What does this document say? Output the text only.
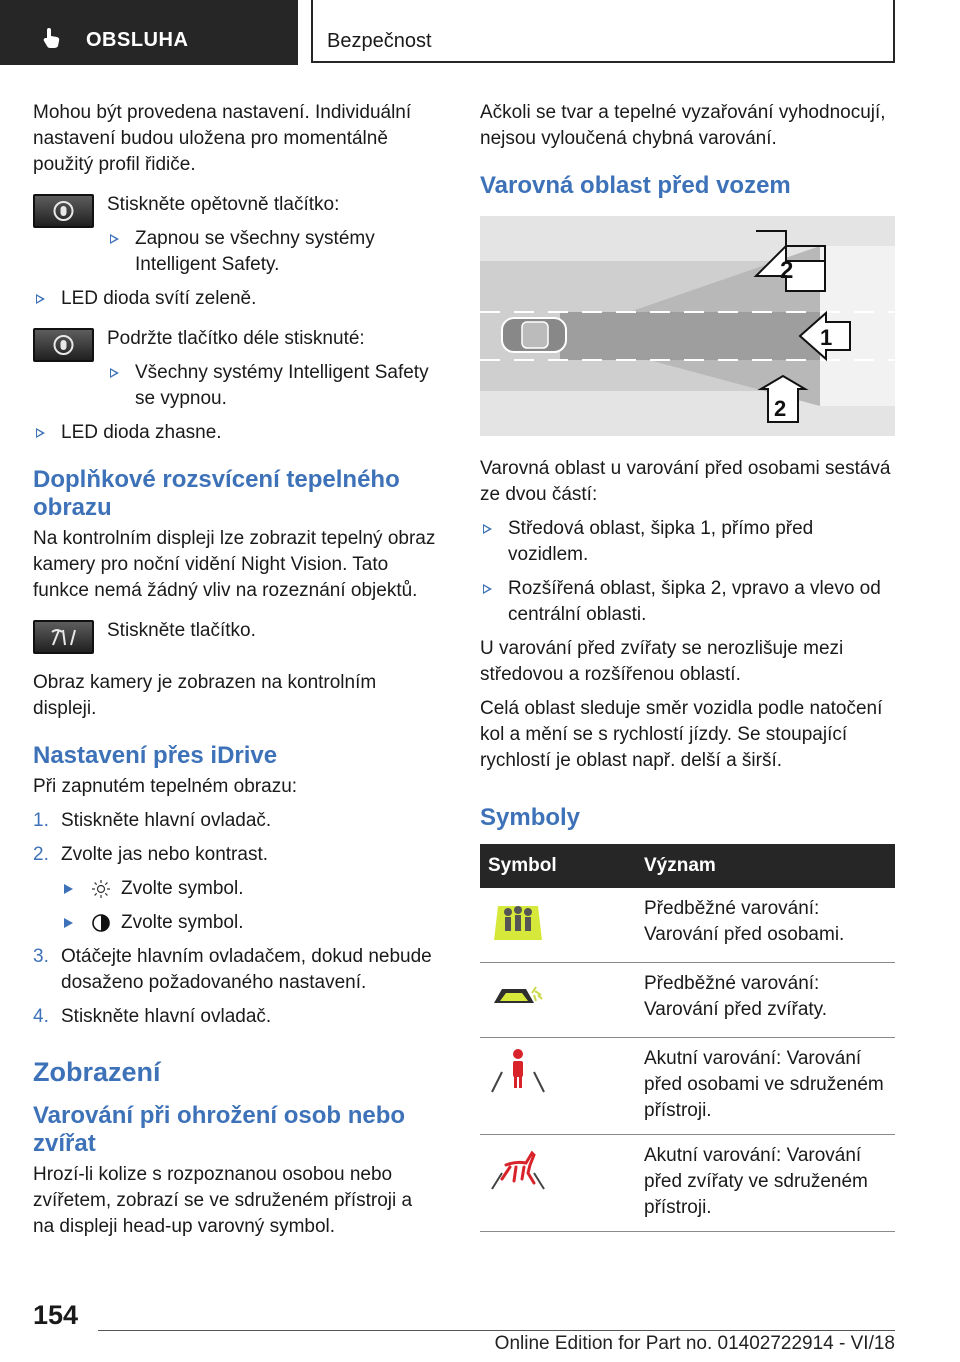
OBSLUHA	Bezpečnost

Mohou být provedena nastavení. Individuální nastavení budou uložena pro momentálně použitý profil řidiče.

Stiskněte opětovně tlačítko:

Zapnou se všechny systémy Intelligent Safety.
LED dioda svítí zeleně.

Podržte tlačítko déle stisknuté:

Všechny systémy Intelligent Safety se vypnou.
LED dioda zhasne.
Doplňkové rozsvícení tepelného obrazu

Na kontrolním displeji lze zobrazit tepelný obraz kamery pro noční vidění Night Vision. Tato funkce nemá žádný vliv na rozeznání objektů.

Stiskněte tlačítko.

Obraz kamery je zobrazen na kontrolním displeji.

Nastavení přes iDrive

Při zapnutém tepelném obrazu:

1. Stiskněte hlavní ovladač.
2. Zvolte jas nebo kontrast.
Zvolte symbol.
Zvolte symbol.
3. Otáčejte hlavním ovladačem, dokud nebude dosaženo požadovaného nastavení.
4. Stiskněte hlavní ovladač.
Zobrazení
Varování při ohrožení osob nebo zvířat

Hrozí-li kolize s rozpoznanou osobou nebo zvířetem, zobrazí se ve sdruženém přístroji a na displeji head-up varovný symbol.

Ačkoli se tvar a tepelné vyzařování vyhodnocují, nejsou vyloučená chybná varování.

Varovná oblast před vozem
2
1
2

Varovná oblast u varování před osobami sestává ze dvou částí:

Středová oblast, šipka 1, přímo před vozidlem.
Rozšířená oblast, šipka 2, vpravo a vlevo od centrální oblasti.

U varování před zvířaty se nerozlišuje mezi středovou a rozšířenou oblastí.

Celá oblast sleduje směr vozidla podle natočení kol a mění se s rychlostí jízdy. Se stoupající rychlostí je oblast např. delší a širší.

Symboly
Symbol	Význam
	Předběžné varování: Varování před osobami.
	Předběžné varování: Varování před zvířaty.
	Akutní varování: Varování před osobami ve sdruženém přístroji.
	Akutní varování: Varování před zvířaty ve sdruženém přístroji.
154
Online Edition for Part no. 01402722914 - VI/18
